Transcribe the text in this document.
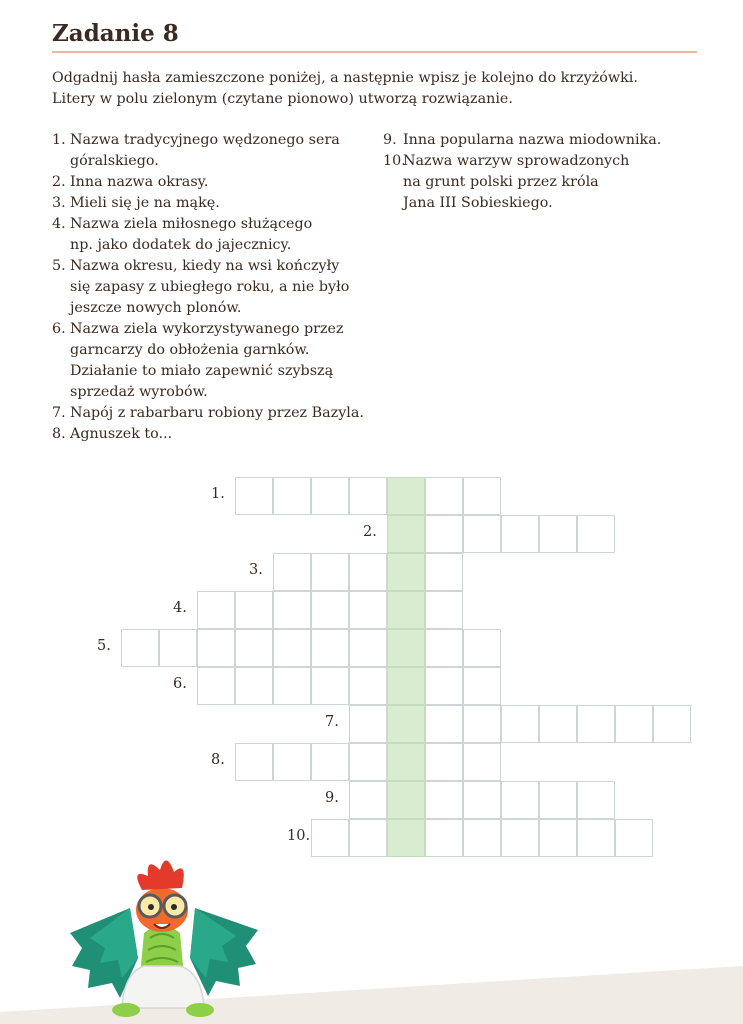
Zadanie 8
Odgadnij hasła zamieszczone poniżej, a następnie wpisz je kolejno do krzyżówki.
Litery w polu zielonym (czytane pionowo) utworzą rozwiązanie.
1. Nazwa tradycyjnego wędzonego sera
góralskiego.
2. Inna nazwa okrasy.
3. Mieli się je na mąkę.
4. Nazwa ziela miłosnego służącego
np. jako dodatek do jajecznicy.
5. Nazwa okresu, kiedy na wsi kończyły
się zapasy z ubiegłego roku, a nie było
jeszcze nowych plonów.
6. Nazwa ziela wykorzystywanego przez
garncarzy do obłożenia garnków.
Działanie to miało zapewnić szybszą
sprzedaż wyrobów.
7. Napój z rabarbaru robiony przez Bazyla.
8. Agnuszek to...
9. Inna popularna nazwa miodownika.
10.
Nazwa warzyw sprowadzonych
na grunt polski przez króla
Jana III Sobieskiego.
1.
2.
3.
4.
5.
6.
7.
8.
9.
10.
